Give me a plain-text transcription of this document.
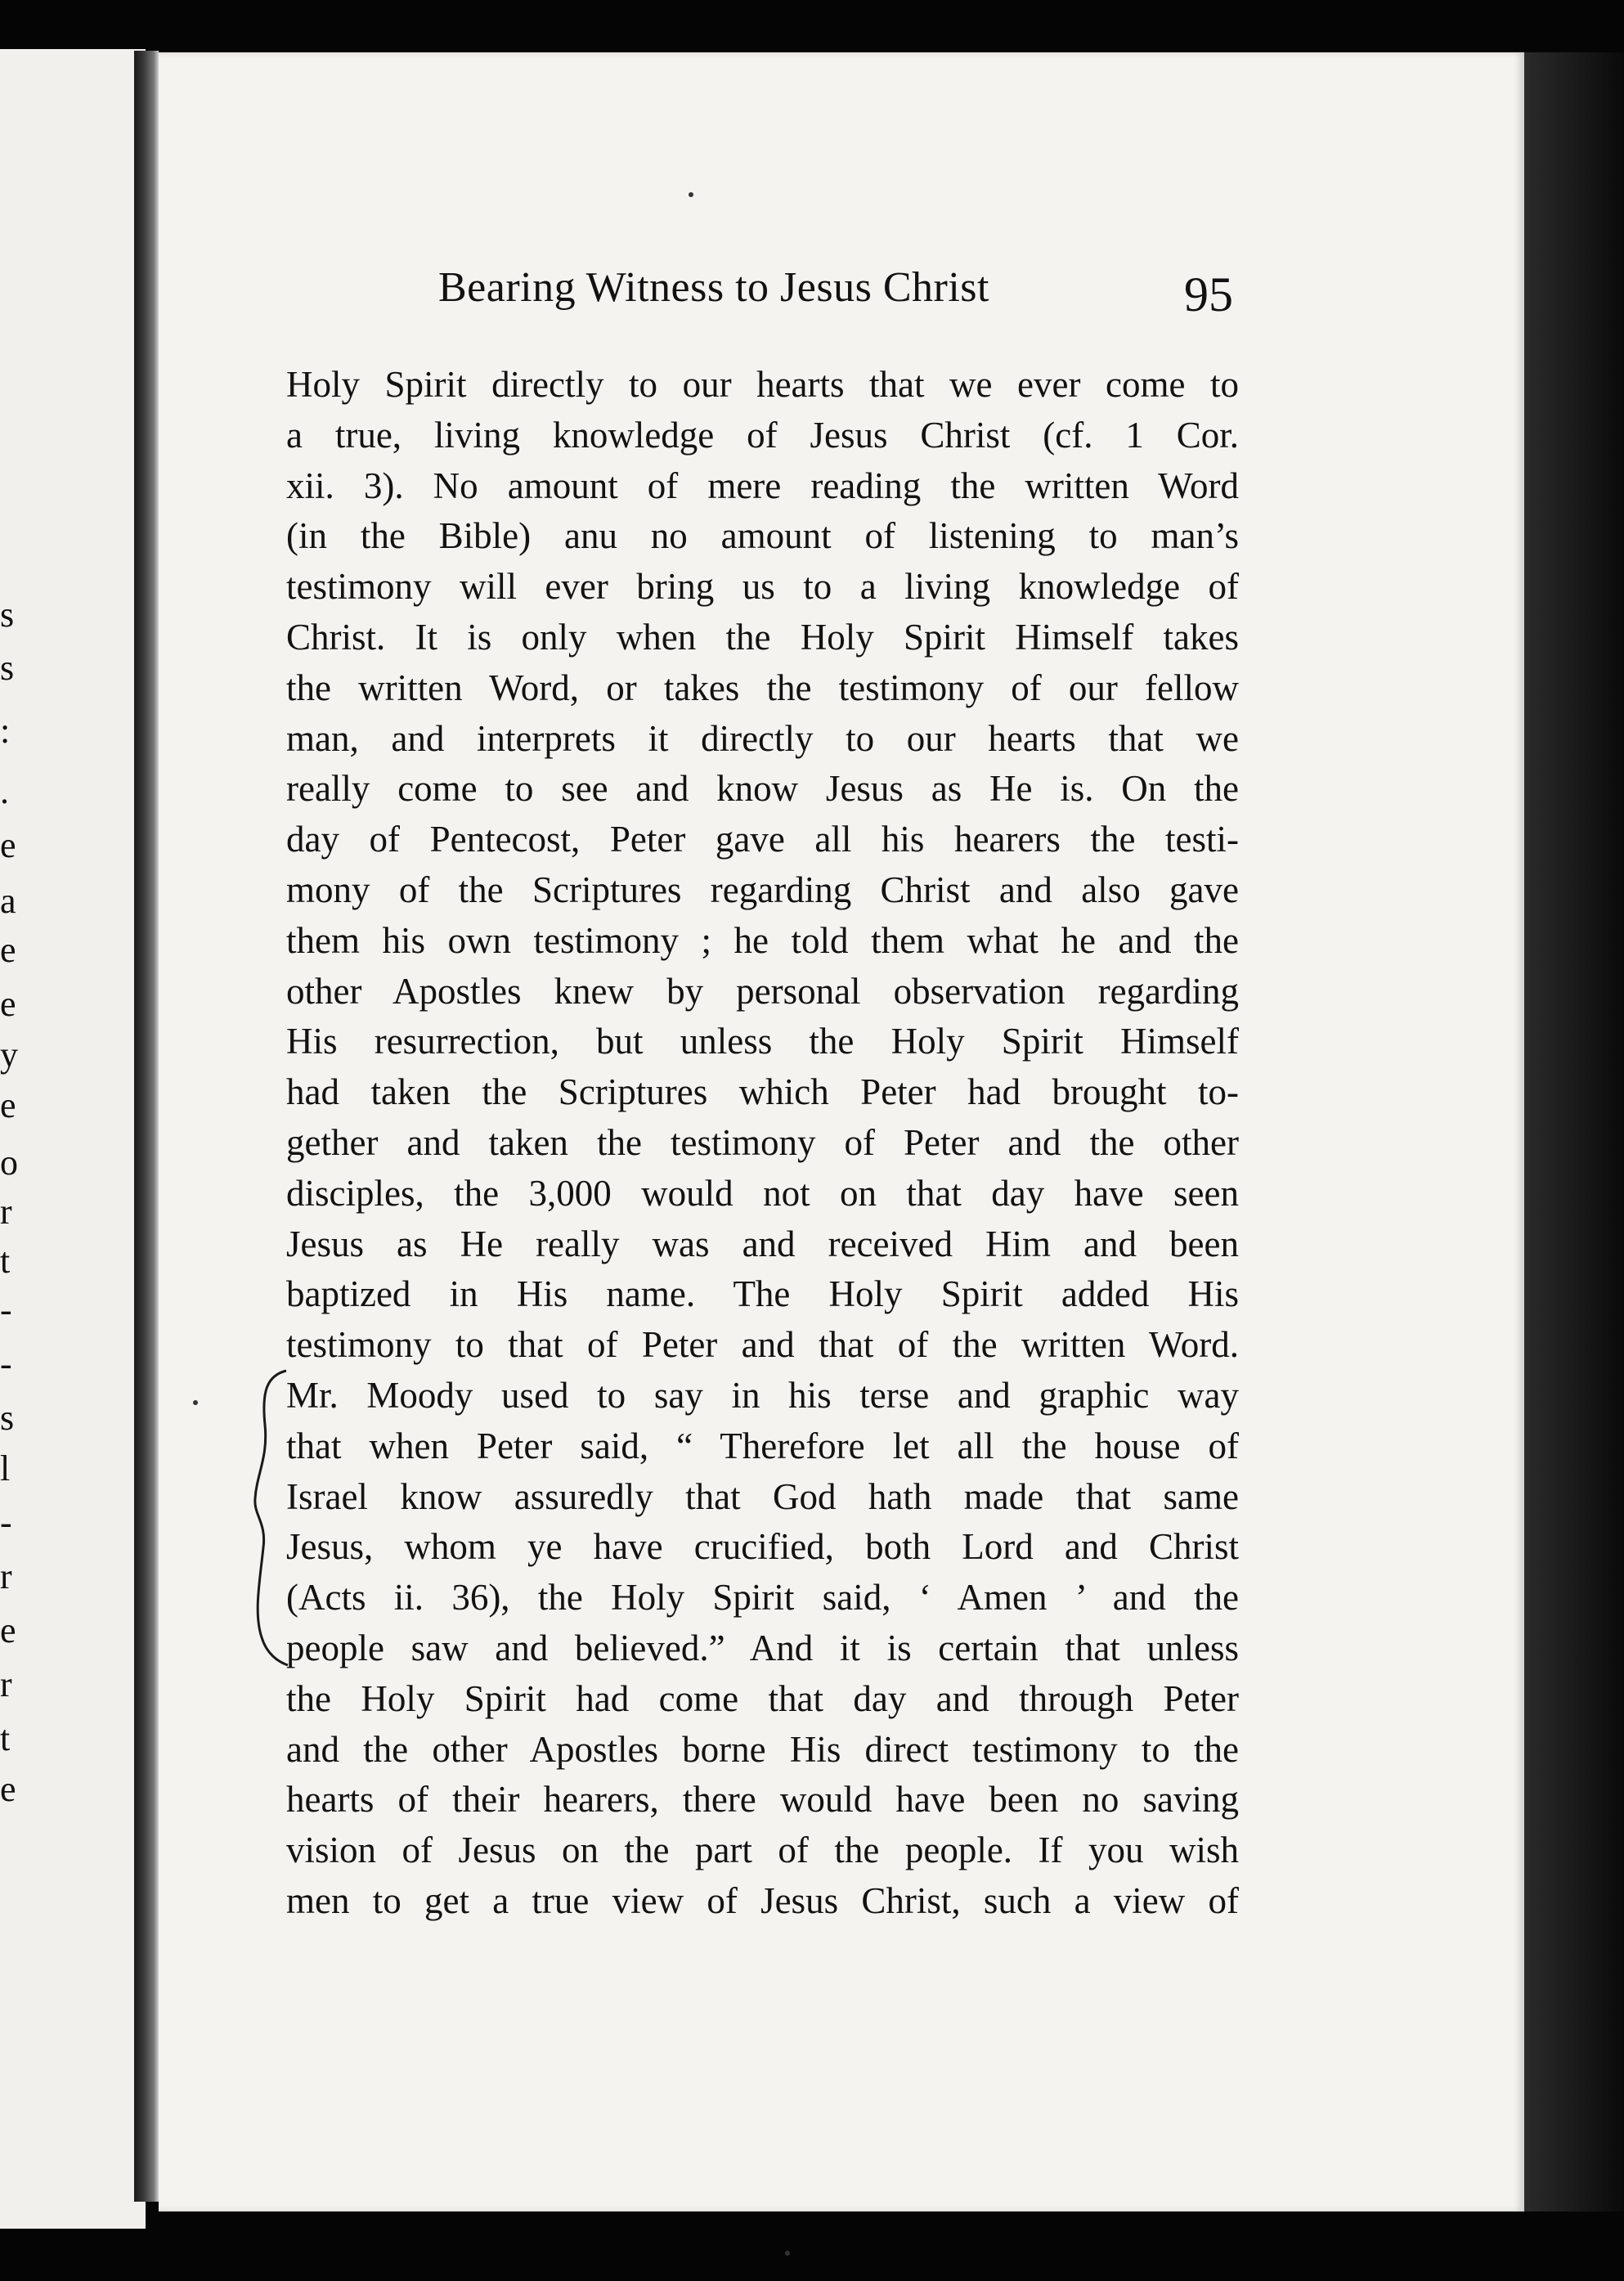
s
s
:
.
e
a
e
e
y
e
o
r
t
-
-
s
l
-
r
e
r
t
e
Bearing Witness to Jesus Christ	95
Holy Spirit directly to our hearts that we ever come to
a true, living knowledge of Jesus Christ (cf. 1 Cor.
xii. 3). No amount of mere reading the written Word
(in the Bible) anu no amount of listening to man’s
testimony will ever bring us to a living knowledge of
Christ. It is only when the Holy Spirit Himself takes
the written Word, or takes the testimony of our fellow
man, and interprets it directly to our hearts that we
really come to see and know Jesus as He is. On the
day of Pentecost, Peter gave all his hearers the testi-
mony of the Scriptures regarding Christ and also gave
them his own testimony ; he told them what he and the
other Apostles knew by personal observation regarding
His resurrection, but unless the Holy Spirit Himself
had taken the Scriptures which Peter had brought to-
gether and taken the testimony of Peter and the other
disciples, the 3,000 would not on that day have seen
Jesus as He really was and received Him and been
baptized in His name. The Holy Spirit added His
testimony to that of Peter and that of the written Word.
Mr. Moody used to say in his terse and graphic way
that when Peter said, “ Therefore let all the house of
Israel know assuredly that God hath made that same
Jesus, whom ye have crucified, both Lord and Christ
(Acts ii. 36), the Holy Spirit said, ‘ Amen ’ and the
people saw and believed.” And it is certain that unless
the Holy Spirit had come that day and through Peter
and the other Apostles borne His direct testimony to the
hearts of their hearers, there would have been no saving
vision of Jesus on the part of the people. If you wish
men to get a true view of Jesus Christ, such a view of
